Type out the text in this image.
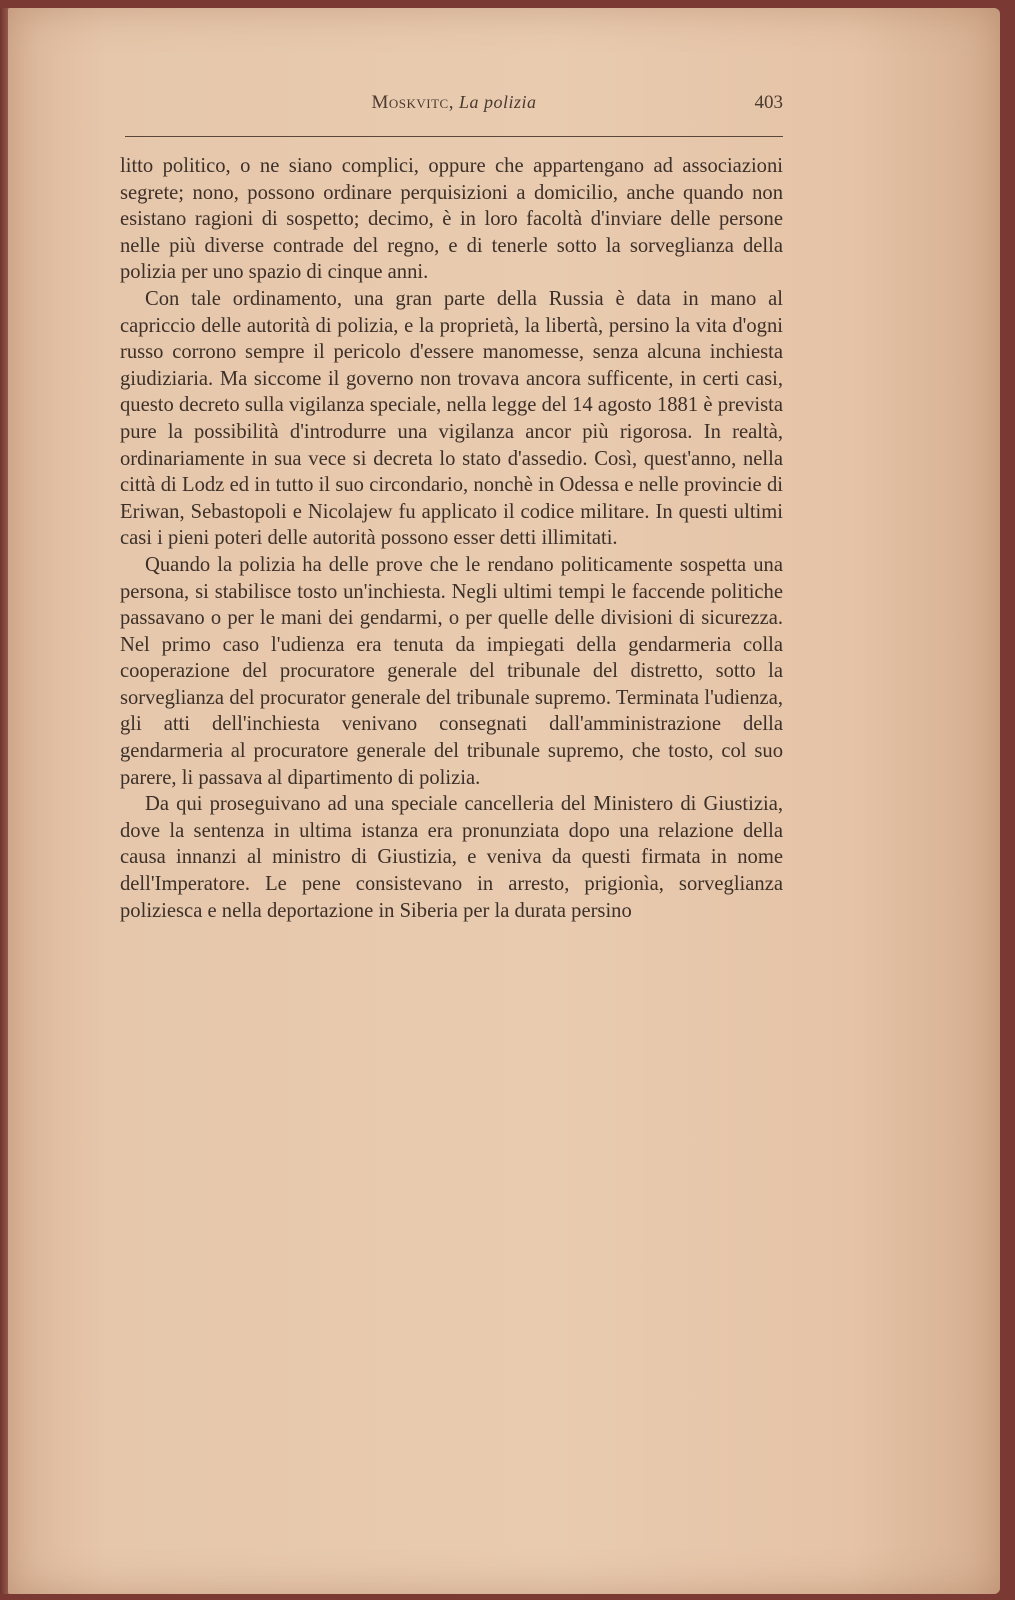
Moskvitc, La polizia	403

litto politico, o ne siano complici, oppure che appartengano ad associazioni segrete; nono, possono ordinare perquisizioni a domicilio, anche quando non esistano ragioni di sospetto; decimo, è in loro facoltà d'inviare delle persone nelle più diverse contrade del regno, e di tenerle sotto la sorveglianza della polizia per uno spazio di cinque anni.

Con tale ordinamento, una gran parte della Russia è data in mano al capriccio delle autorità di polizia, e la proprietà, la libertà, persino la vita d'ogni russo corrono sempre il pericolo d'essere manomesse, senza alcuna inchiesta giudiziaria. Ma siccome il governo non trovava ancora sufficente, in certi casi, questo decreto sulla vigilanza speciale, nella legge del 14 agosto 1881 è prevista pure la possibilità d'introdurre una vigilanza ancor più rigorosa. In realtà, ordinariamente in sua vece si decreta lo stato d'assedio. Così, quest'anno, nella città di Lodz ed in tutto il suo circondario, nonchè in Odessa e nelle provincie di Eriwan, Sebastopoli e Nicolajew fu applicato il codice militare. In questi ultimi casi i pieni poteri delle autorità possono esser detti illimitati.

Quando la polizia ha delle prove che le rendano politicamente sospetta una persona, si stabilisce tosto un'inchiesta. Negli ultimi tempi le faccende politiche passavano o per le mani dei gendarmi, o per quelle delle divisioni di sicurezza. Nel primo caso l'udienza era tenuta da impiegati della gendarmeria colla cooperazione del procuratore generale del tribunale del distretto, sotto la sorveglianza del procurator generale del tribunale supremo. Terminata l'udienza, gli atti dell'inchiesta venivano consegnati dall'amministrazione della gendarmeria al procuratore generale del tribunale supremo, che tosto, col suo parere, li passava al dipartimento di polizia.

Da qui proseguivano ad una speciale cancelleria del Ministero di Giustizia, dove la sentenza in ultima istanza era pronunziata dopo una relazione della causa innanzi al ministro di Giustizia, e veniva da questi firmata in nome dell'Imperatore. Le pene consistevano in arresto, prigionìa, sorveglianza poliziesca e nella deportazione in Siberia per la durata persino
